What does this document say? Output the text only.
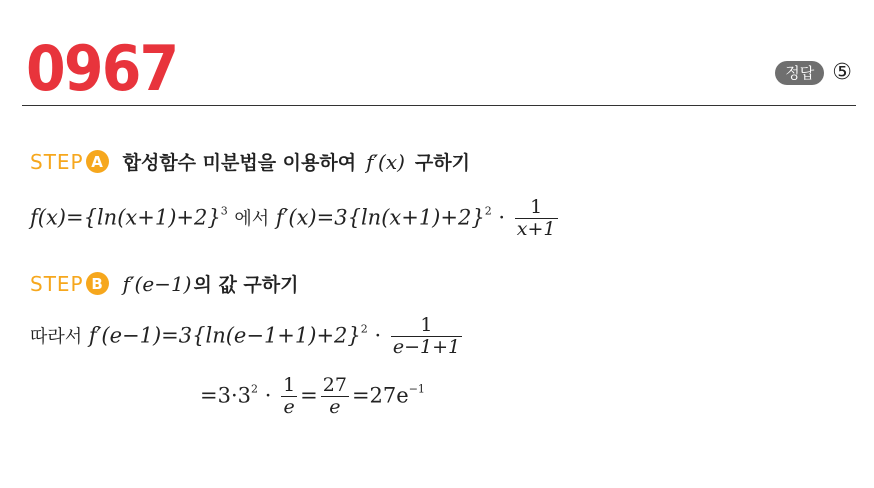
0967	정답 ⑤
STEP A	합성함수 미분법을 이용하여 f′(x) 구하기
$f(x)=\{\ln(x+1)+2\}^3$ 에서 $f'(x)=3\{\ln(x+1)+2\}^2 \cdot \frac{1}{x+1}$
STEP B f′(e−1) 의 값 구하기
따라서 $f'(e-1)=3\{\ln(e-1+1)+2\}^2 \cdot \frac{1}{e-1+1}$
$=3\cdot 3^2 \cdot \frac{1}{e} = \frac{27}{e} =27e^{-1}$
